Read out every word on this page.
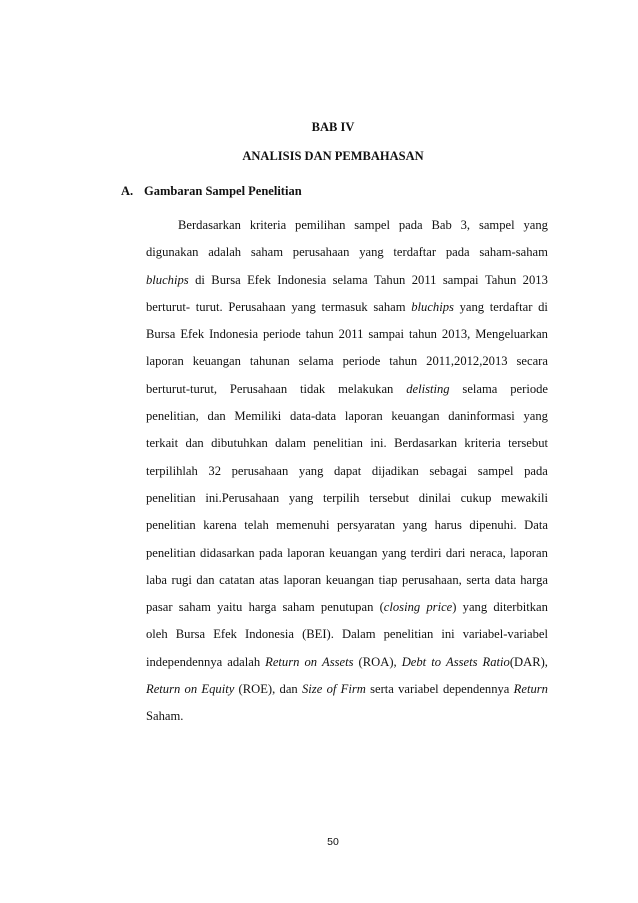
BAB IV
ANALISIS DAN PEMBAHASAN
A. Gambaran Sampel Penelitian
Berdasarkan kriteria pemilihan sampel pada Bab 3, sampel yang
digunakan adalah saham perusahaan yang terdaftar pada saham-saham
bluchips di Bursa Efek Indonesia selama Tahun 2011 sampai Tahun 2013
berturut- turut. Perusahaan yang termasuk saham bluchips yang terdaftar di
Bursa Efek Indonesia periode tahun 2011 sampai tahun 2013, Mengeluarkan
laporan keuangan tahunan selama periode tahun 2011,2012,2013 secara
berturut-turut, Perusahaan tidak melakukan delisting selama periode
penelitian, dan Memiliki data-data laporan keuangan daninformasi yang
terkait dan dibutuhkan dalam penelitian ini. Berdasarkan kriteria tersebut
terpilihlah 32 perusahaan yang dapat dijadikan sebagai sampel pada
penelitian ini.Perusahaan yang terpilih tersebut dinilai cukup mewakili
penelitian karena telah memenuhi persyaratan yang harus dipenuhi. Data
penelitian didasarkan pada laporan keuangan yang terdiri dari neraca, laporan
laba rugi dan catatan atas laporan keuangan tiap perusahaan, serta data harga
pasar saham yaitu harga saham penutupan (closing price) yang diterbitkan
oleh Bursa Efek Indonesia (BEI). Dalam penelitian ini variabel-variabel
independennya adalah Return on Assets (ROA), Debt to Assets Ratio(DAR),
Return on Equity (ROE), dan Size of Firm serta variabel dependennya Return
Saham.
50
